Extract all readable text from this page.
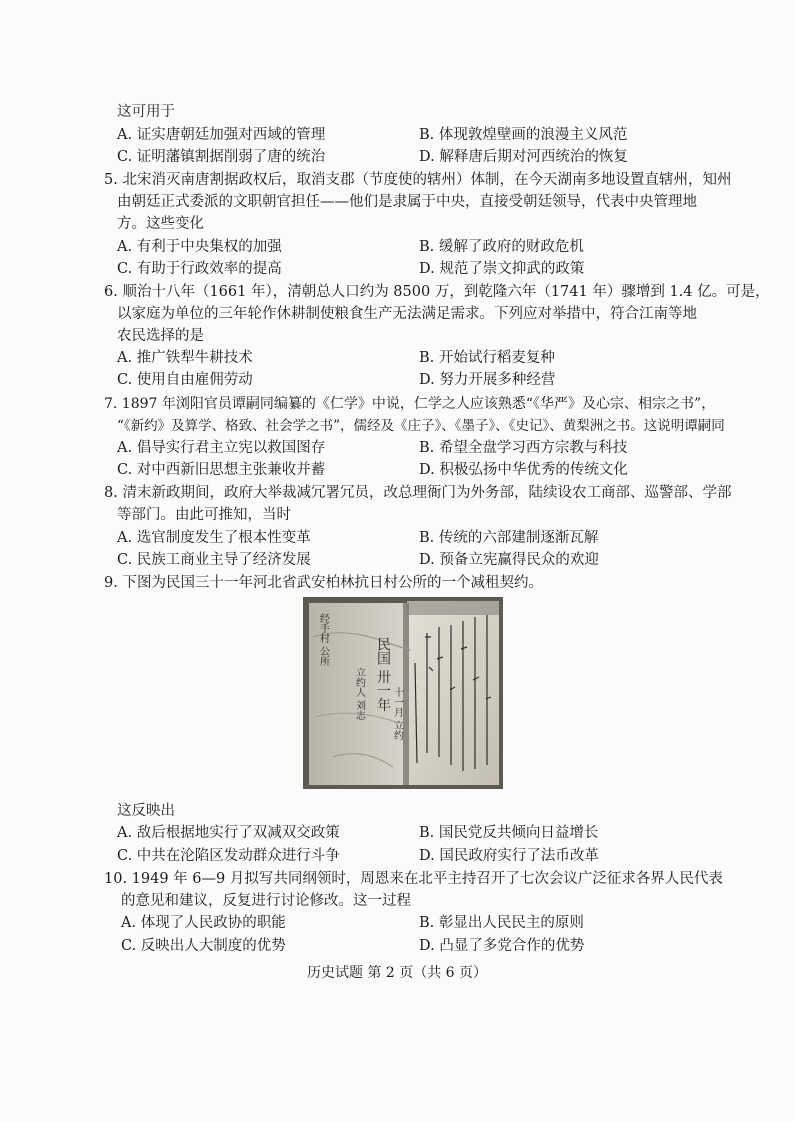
这可用于
A. 证实唐朝廷加强对西域的管理	B. 体现敦煌壁画的浪漫主义风范
C. 证明藩镇割据削弱了唐的统治	D. 解释唐后期对河西统治的恢复
5. 北宋消灭南唐割据政权后，取消支郡（节度使的辖州）体制，在今天湖南多地设置直辖州，知州
由朝廷正式委派的文职朝官担任——他们是隶属于中央，直接受朝廷领导，代表中央管理地
方。这些变化
A. 有利于中央集权的加强	B. 缓解了政府的财政危机
C. 有助于行政效率的提高	D. 规范了崇文抑武的政策
6. 顺治十八年（1661 年），清朝总人口约为 8500 万，到乾隆六年（1741 年）骤增到 1.4 亿。可是，
以家庭为单位的三年轮作休耕制使粮食生产无法满足需求。下列应对举措中，符合江南等地
农民选择的是
A. 推广铁犁牛耕技术	B. 开始试行稻麦复种
C. 使用自由雇佣劳动	D. 努力开展多种经营
7. 1897 年浏阳官员谭嗣同编纂的《仁学》中说，仁学之人应该熟悉“《华严》及心宗、相宗之书”，
“《新约》及算学、格致、社会学之书”，儒经及《庄子》、《墨子》、《史记》、黄梨洲之书。这说明谭嗣同
A. 倡导实行君主立宪以救国图存	B. 希望全盘学习西方宗教与科技
C. 对中西新旧思想主张兼收并蓄	D. 积极弘扬中华优秀的传统文化
8. 清末新政期间，政府大举裁减冗署冗员，改总理衙门为外务部，陆续设农工商部、巡警部、学部
等部门。由此可推知，当时
A. 选官制度发生了根本性变革	B. 传统的六部建制逐渐瓦解
C. 民族工商业主导了经济发展	D. 预备立宪赢得民众的欢迎
9. 下图为民国三十一年河北省武安柏林抗日村公所的一个减租契约。
民国 卅一年
十一月 立约
经手村 公所
立约人 刘志
这反映出
A. 敌后根据地实行了双减双交政策	B. 国民党反共倾向日益增长
C. 中共在沦陷区发动群众进行斗争	D. 国民政府实行了法币改革
10. 1949 年 6—9 月拟写共同纲领时，周恩来在北平主持召开了七次会议广泛征求各界人民代表
的意见和建议，反复进行讨论修改。这一过程
A. 体现了人民政协的职能	B. 彰显出人民民主的原则
C. 反映出人大制度的优势	D. 凸显了多党合作的优势
历史试题 第 2 页（共 6 页）
